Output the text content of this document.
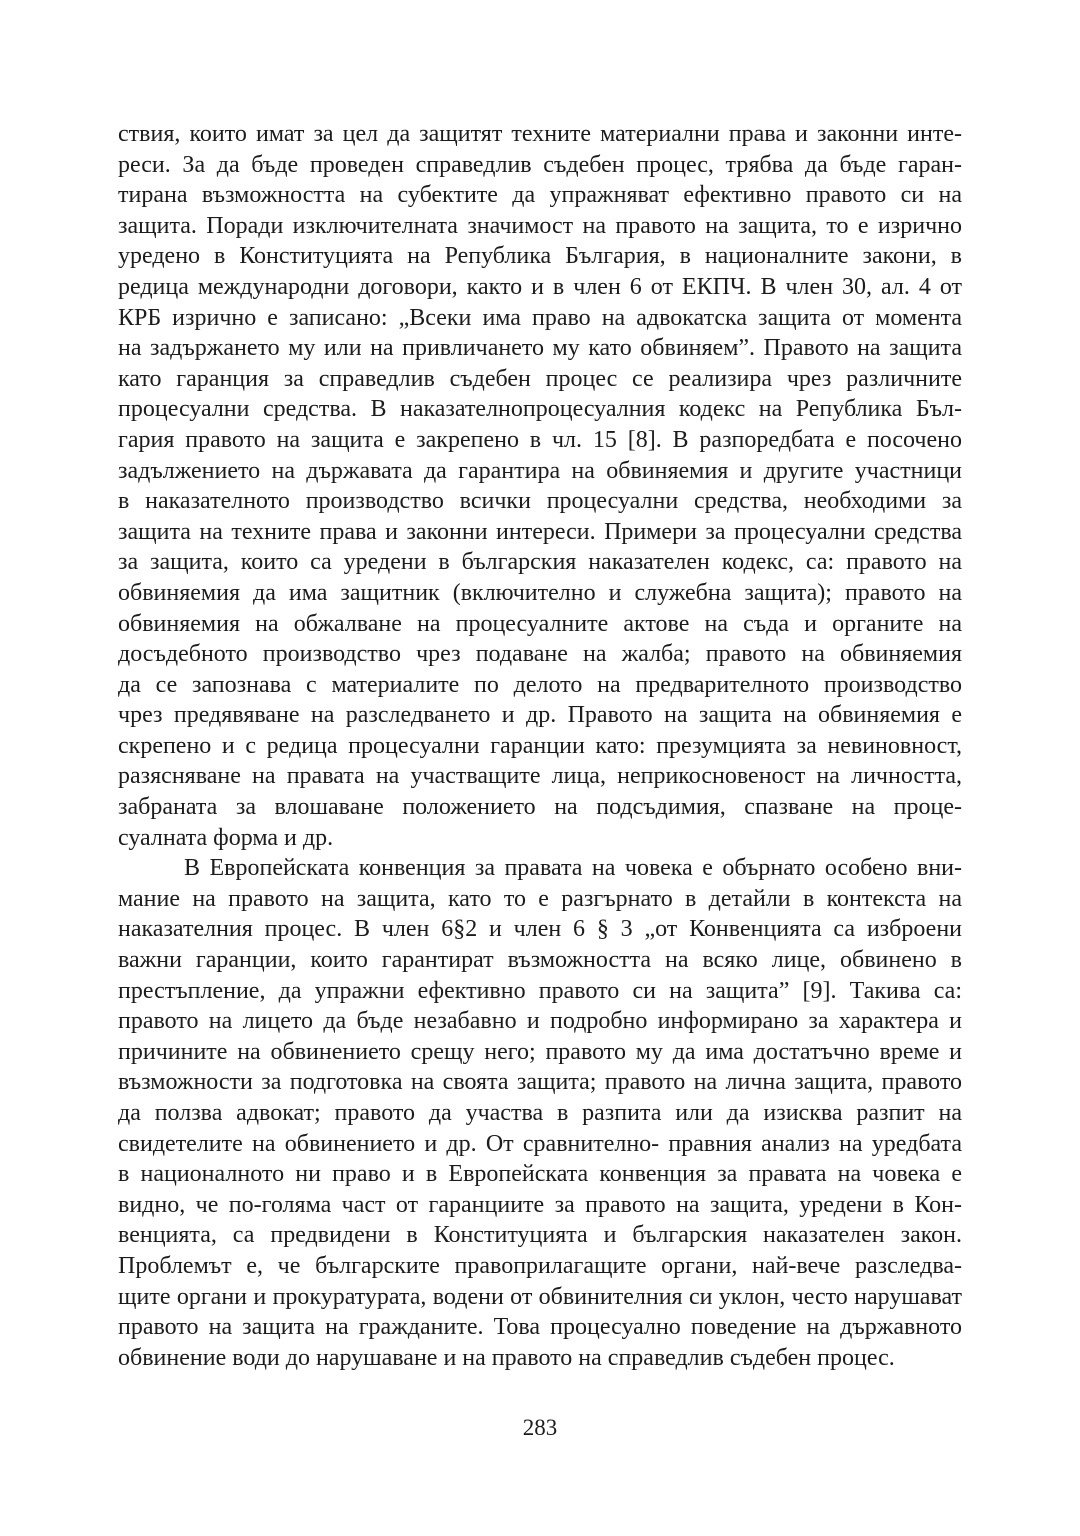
ствия, които имат за цел да защитят техните материални права и законни инте-
реси. За да бъде проведен справедлив съдебен процес, трябва да бъде гаран-
тирана възможността на субектите да упражняват ефективно правото си на
защита. Поради изключителната значимост на правото на защита, то е изрично
уредено в Конституцията на Република България, в националните закони, в
редица международни договори, както и в член 6 от ЕКПЧ. В член 30, ал. 4 от
КРБ изрично е записано: „Всеки има право на адвокатска защита от момента
на задържането му или на привличането му като обвиняем”. Правото на защита
като гаранция за справедлив съдебен процес се реализира чрез различните
процесуални средства. В наказателнопроцесуалния кодекс на Република Бъл-
гария правото на защита е закрепено в чл. 15 [8]. В разпоредбата е посочено
задължението на държавата да гарантира на обвиняемия и другите участници
в наказателното производство всички процесуални средства, необходими за
защита на техните права и законни интереси. Примери за процесуални средства
за защита, които са уредени в българския наказателен кодекс, са: правото на
обвиняемия да има защитник (включително и служебна защита); правото на
обвиняемия на обжалване на процесуалните актове на съда и органите на
досъдебното производство чрез подаване на жалба; правото на обвиняемия
да се запознава с материалите по делото на предварителното производство
чрез предявяване на разследването и др. Правото на защита на обвиняемия е
скрепено и с редица процесуални гаранции като: презумцията за невиновност,
разясняване на правата на участващите лица, неприкосновеност на личността,
забраната за влошаване положението на подсъдимия, спазване на проце-
суалната форма и др.
В Европейската конвенция за правата на човека е обърнато особено вни-
мание на правото на защита, като то е разгърнато в детайли в контекста на
наказателния процес. В член 6§2 и член 6 § 3 „от Конвенцията са изброени
важни гаранции, които гарантират възможността на всяко лице, обвинено в
престъпление, да упражни ефективно правото си на защита” [9]. Такива са:
правото на лицето да бъде незабавно и подробно информирано за характера и
причините на обвинението срещу него; правото му да има достатъчно време и
възможности за подготовка на своята защита; правото на лична защита, правото
да ползва адвокат; правото да участва в разпита или да изисква разпит на
свидетелите на обвинението и др. От сравнително- правния анализ на уредбата
в националното ни право и в Европейската конвенция за правата на човека е
видно, че по-голяма част от гаранциите за правото на защита, уредени в Кон-
венцията, са предвидени в Конституцията и българския наказателен закон.
Проблемът е, че българските правоприлагащите органи, най-вече разследва-
щите органи и прокуратурата, водени от обвинителния си уклон, често нарушават
правото на защита на гражданите. Това процесуално поведение на държавното
обвинение води до нарушаване и на правото на справедлив съдебен процес.
283
